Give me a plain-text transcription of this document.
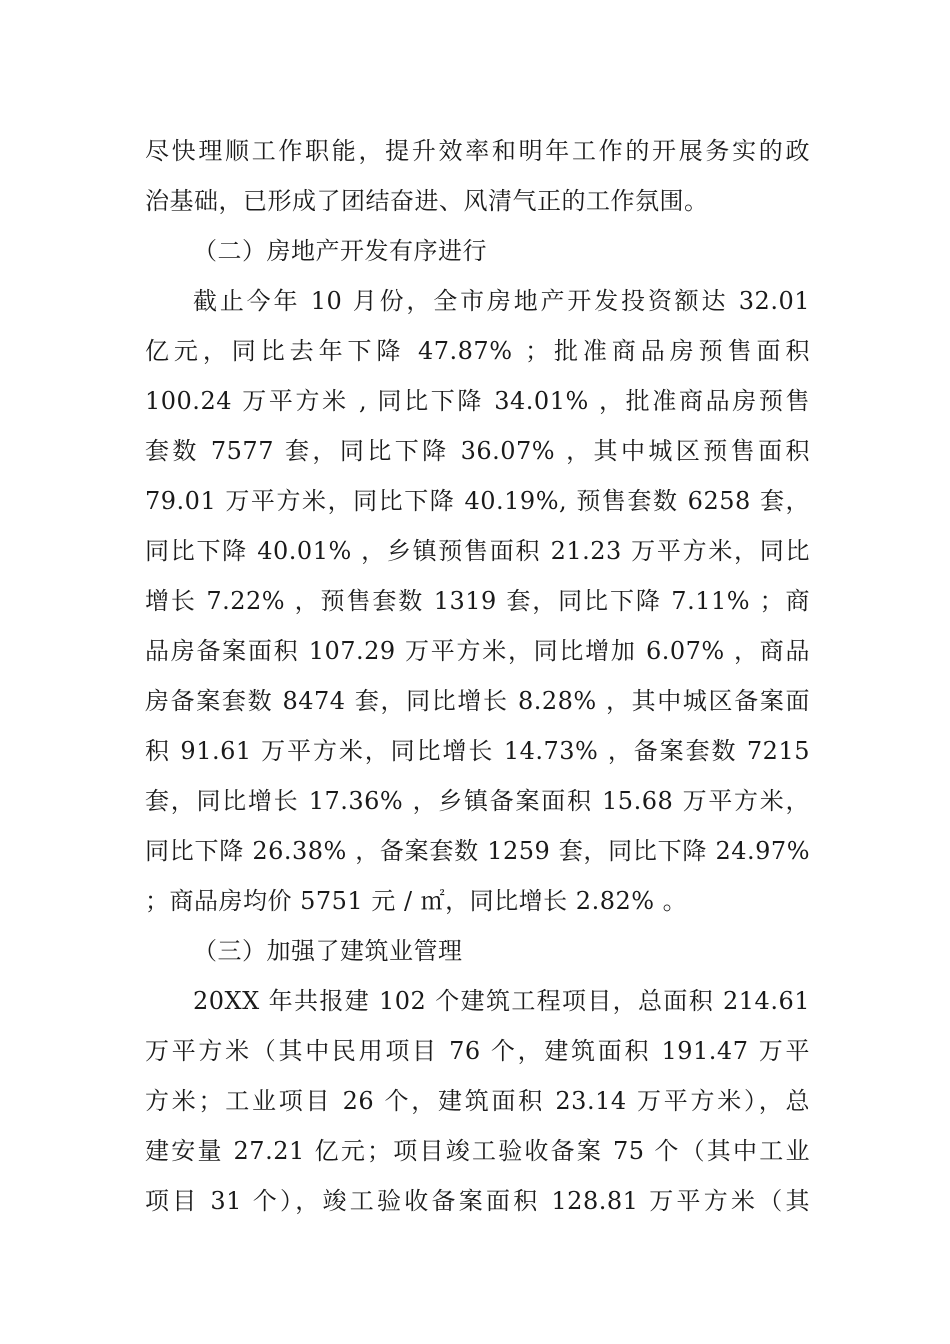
尽快理顺工作职能，提升效率和明年工作的开展务实的政
治基础，已形成了团结奋进、风清气正的工作氛围。
（二）房地产开发有序进行
截止今年 10 月份，全市房地产开发投资额达 32.01
亿元，同比去年下降 47.87% ；批准商品房预售面积
100.24 万平方米 , 同比下降 34.01% ，批准商品房预售
套数 7577 套，同比下降 36.07% ，其中城区预售面积
79.01 万平方米，同比下降 40.19%, 预售套数 6258 套，
同比下降 40.01% ，乡镇预售面积 21.23 万平方米，同比
增长 7.22% ，预售套数 1319 套，同比下降 7.11% ；商
品房备案面积 107.29 万平方米，同比增加 6.07% ，商品
房备案套数 8474 套，同比增长 8.28% ，其中城区备案面
积 91.61 万平方米，同比增长 14.73% ，备案套数 7215
套，同比增长 17.36% ，乡镇备案面积 15.68 万平方米，
同比下降 26.38% ，备案套数 1259 套，同比下降 24.97%
；商品房均价 5751 元 / ㎡，同比增长 2.82% 。
（三）加强了建筑业管理
20XX 年共报建 102 个建筑工程项目，总面积 214.61
万平方米（其中民用项目 76 个，建筑面积 191.47 万平
方米；工业项目 26 个，建筑面积 23.14 万平方米），总
建安量 27.21 亿元；项目竣工验收备案 75 个（其中工业
项目 31 个），竣工验收备案面积 128.81 万平方米（其
